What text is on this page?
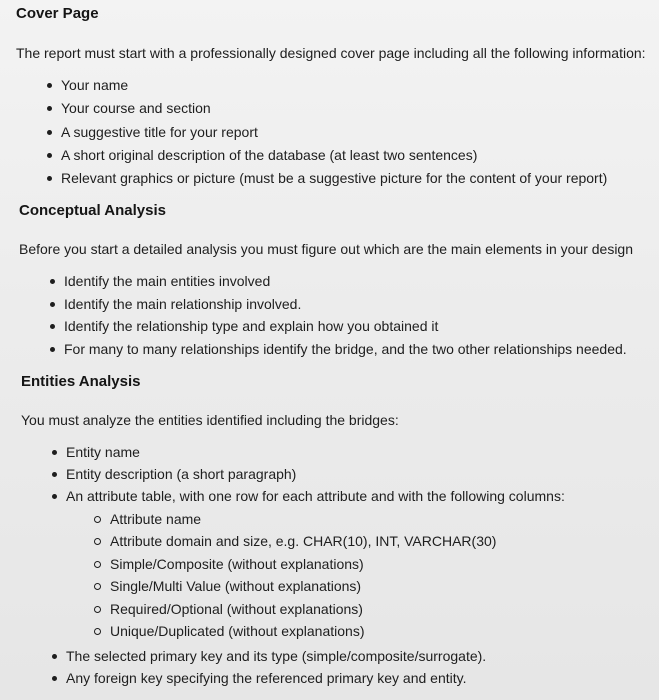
Cover Page
The report must start with a professionally designed cover page including all the following information:
Your name
Your course and section
A suggestive title for your report
A short original description of the database (at least two sentences)
Relevant graphics or picture (must be a suggestive picture for the content of your report)
Conceptual Analysis
Before you start a detailed analysis you must figure out which are the main elements in your design
Identify the main entities involved
Identify the main relationship involved.
Identify the relationship type and explain how you obtained it
For many to many relationships identify the bridge, and the two other relationships needed.
Entities Analysis
You must analyze the entities identified including the bridges:
Entity name
Entity description (a short paragraph)
An attribute table, with one row for each attribute and with the following columns:
Attribute name
Attribute domain and size, e.g. CHAR(10), INT, VARCHAR(30)
Simple/Composite (without explanations)
Single/Multi Value (without explanations)
Required/Optional (without explanations)
Unique/Duplicated (without explanations)
The selected primary key and its type (simple/composite/surrogate).
Any foreign key specifying the referenced primary key and entity.
